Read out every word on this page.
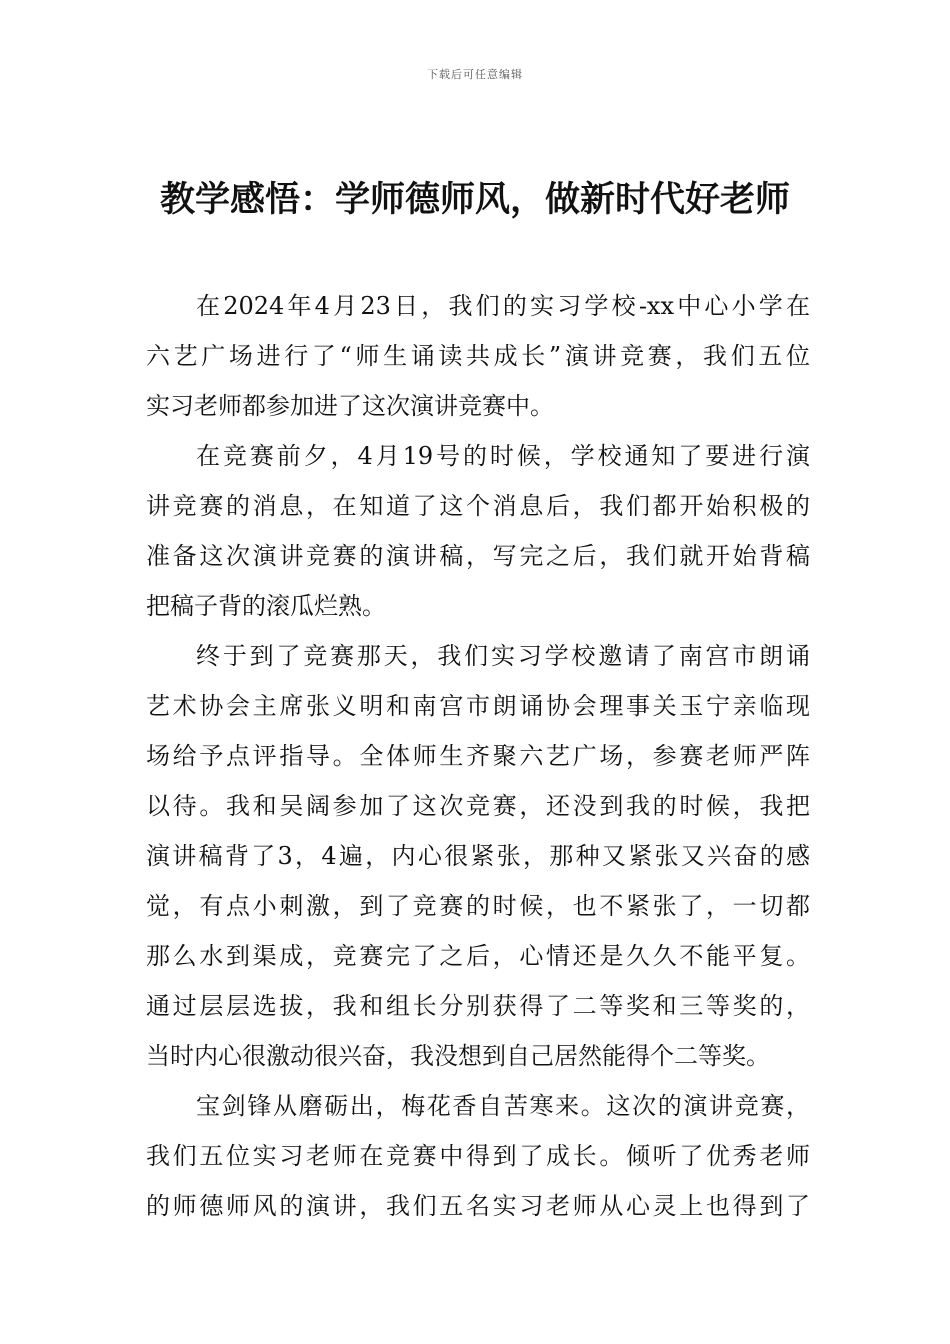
下载后可任意编辑
教学感悟：学师德师风，做新时代好老师
在2024年4月23日，我们的实习学校-xx中心小学在
六艺广场进行了“师生诵读共成长”演讲竞赛，我们五位
实习老师都参加进了这次演讲竞赛中。
在竞赛前夕，4月19号的时候，学校通知了要进行演
讲竞赛的消息，在知道了这个消息后，我们都开始积极的
准备这次演讲竞赛的演讲稿，写完之后，我们就开始背稿
把稿子背的滚瓜烂熟。
终于到了竞赛那天，我们实习学校邀请了南宫市朗诵
艺术协会主席张义明和南宫市朗诵协会理事关玉宁亲临现
场给予点评指导。全体师生齐聚六艺广场，参赛老师严阵
以待。我和吴阔参加了这次竞赛，还没到我的时候，我把
演讲稿背了3，4遍，内心很紧张，那种又紧张又兴奋的感
觉，有点小刺激，到了竞赛的时候，也不紧张了，一切都
那么水到渠成，竞赛完了之后，心情还是久久不能平复。
通过层层选拔，我和组长分别获得了二等奖和三等奖的，
当时内心很激动很兴奋，我没想到自己居然能得个二等奖。
宝剑锋从磨砺出，梅花香自苦寒来。这次的演讲竞赛，
我们五位实习老师在竞赛中得到了成长。倾听了优秀老师
的师德师风的演讲，我们五名实习老师从心灵上也得到了
